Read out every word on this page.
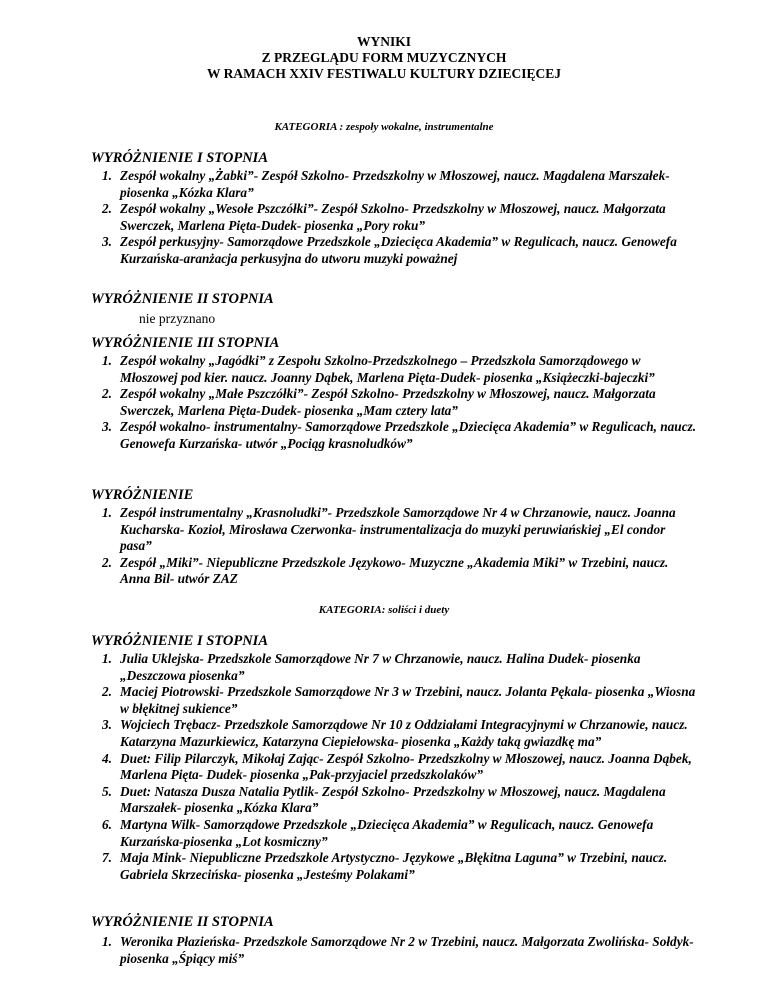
WYNIKI
Z PRZEGLĄDU FORM MUZYCZNYCH
W RAMACH XXIV FESTIWALU KULTURY DZIECIĘCEJ
KATEGORIA : zespoły wokalne, instrumentalne
WYRÓŻNIENIE I STOPNIA
1. Zespół wokalny „Żabki”- Zespół Szkolno- Przedszkolny w Młoszowej, naucz. Magdalena Marszałek- piosenka „Kózka Klara”
2. Zespół wokalny „Wesołe Pszczółki”- Zespół Szkolno- Przedszkolny w Młoszowej, naucz. Małgorzata Swerczek, Marlena Pięta-Dudek- piosenka „Pory roku”
3. Zespół perkusyjny- Samorządowe Przedszkole „Dziecięca Akademia” w Regulicach, naucz. Genowefa Kurzańska-aranżacja perkusyjna do utworu muzyki poważnej
WYRÓŻNIENIE II STOPNIA
nie przyznano
WYRÓŻNIENIE III STOPNIA
1. Zespół wokalny „Jagódki” z Zespołu Szkolno-Przedszkolnego – Przedszkola Samorządowego w Młoszowej pod kier. naucz. Joanny Dąbek, Marlena Pięta-Dudek- piosenka „Książeczki-bajeczki”
2. Zespół wokalny „Małe Pszczółki”- Zespół Szkolno- Przedszkolny w Młoszowej, naucz. Małgorzata Swerczek, Marlena Pięta-Dudek- piosenka „Mam cztery lata”
3. Zespół wokalno- instrumentalny- Samorządowe Przedszkole „Dziecięca Akademia” w Regulicach, naucz. Genowefa Kurzańska- utwór „Pociąg krasnoludków”
WYRÓŻNIENIE
1. Zespół instrumentalny „Krasnoludki”- Przedszkole Samorządowe Nr 4 w Chrzanowie, naucz. Joanna Kucharska- Kozioł, Mirosława Czerwonka- instrumentalizacja do muzyki peruwiańskiej „El condor pasa”
2. Zespół „Miki”- Niepubliczne Przedszkole Językowo- Muzyczne „Akademia Miki” w Trzebini, naucz. Anna Bil- utwór ZAZ
KATEGORIA: soliści i duety
WYRÓŻNIENIE I STOPNIA
1. Julia Uklejska- Przedszkole Samorządowe Nr 7 w Chrzanowie, naucz. Halina Dudek- piosenka „Deszczowa piosenka”
2. Maciej Piotrowski- Przedszkole Samorządowe Nr 3 w Trzebini, naucz. Jolanta Pękala- piosenka „Wiosna w błękitnej sukience”
3. Wojciech Trębacz- Przedszkole Samorządowe Nr 10 z Oddziałami Integracyjnymi w Chrzanowie, naucz. Katarzyna Mazurkiewicz, Katarzyna Ciepiełowska- piosenka „Każdy taką gwiazdkę ma”
4. Duet: Filip Pilarczyk, Mikołaj Zając- Zespół Szkolno- Przedszkolny w Młoszowej, naucz. Joanna Dąbek, Marlena Pięta- Dudek- piosenka „Pak-przyjaciel przedszkolaków”
5. Duet: Natasza Dusza Natalia Pytlik- Zespół Szkolno- Przedszkolny w Młoszowej, naucz. Magdalena Marszałek- piosenka „Kózka Klara”
6. Martyna Wilk- Samorządowe Przedszkole „Dziecięca Akademia” w Regulicach, naucz. Genowefa Kurzańska-piosenka „Lot kosmiczny”
7. Maja Mink- Niepubliczne Przedszkole Artystyczno- Językowe „Błękitna Laguna” w Trzebini, naucz. Gabriela Skrzecińska- piosenka „Jesteśmy Polakami”
WYRÓŻNIENIE II STOPNIA
1. Weronika Płazieńska- Przedszkole Samorządowe Nr 2 w Trzebini, naucz. Małgorzata Zwolińska- Sołdyk- piosenka „Śpiący miś”
